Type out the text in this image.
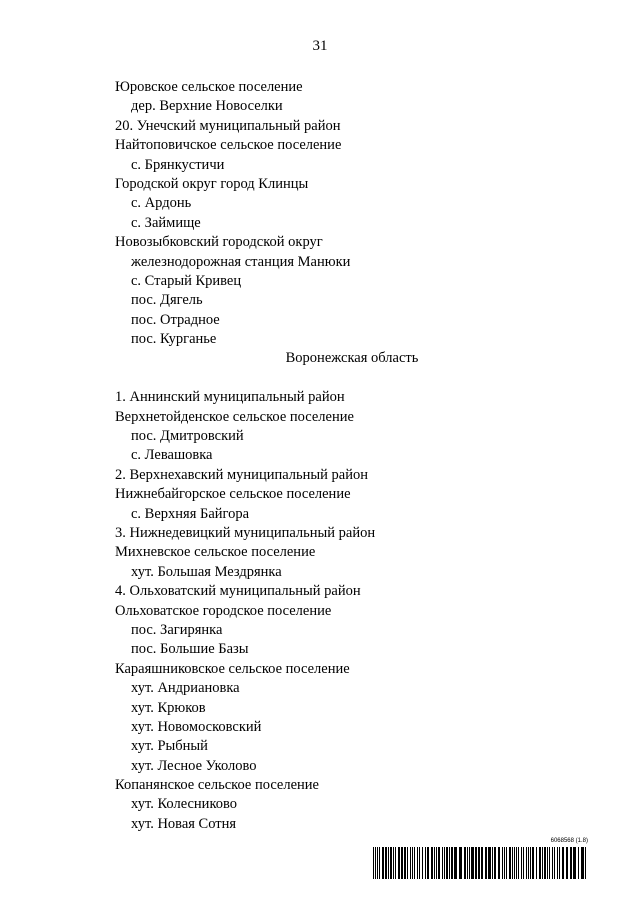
31
Юровское сельское поселение
дер. Верхние Новоселки
20. Унечский муниципальный район
Найтоповичское сельское поселение
с. Брянкустичи
Городской округ город Клинцы
с. Ардонь
с. Займище
Новозыбковский городской округ
железнодорожная станция Манюки
с. Старый Кривец
пос. Дягель
пос. Отрадное
пос. Курганье
Воронежская область
1. Аннинский муниципальный район
Верхнетойденское сельское поселение
пос. Дмитровский
с. Левашовка
2. Верхнехавский муниципальный район
Нижнебайгорское сельское поселение
с. Верхняя Байгора
3. Нижнедевицкий муниципальный район
Михневское сельское поселение
хут. Большая Мездрянка
4. Ольховатский муниципальный район
Ольховатское городское поселение
пос. Загирянка
пос. Большие Базы
Караяшниковское сельское поселение
хут. Андриановка
хут. Крюков
хут. Новомосковский
хут. Рыбный
хут. Лесное Уколово
Копанянское сельское поселение
хут. Колесниково
хут. Новая Сотня
6068568 (1.8)
